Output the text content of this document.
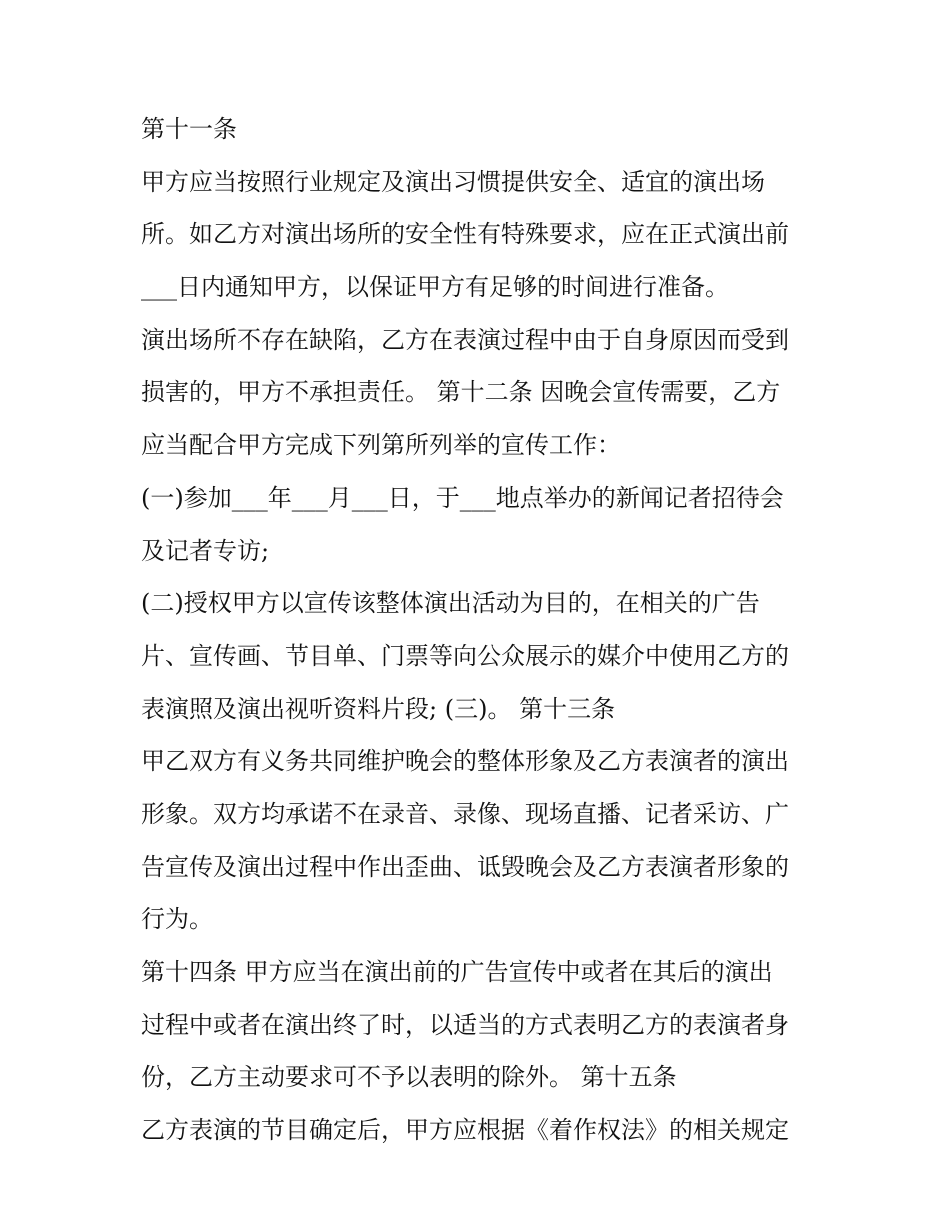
第十一条

甲方应当按照行业规定及演出习惯提供安全、适宜的演出场

所。如乙方对演出场所的安全性有特殊要求，应在正式演出前

___日内通知甲方，以保证甲方有足够的时间进行准备。

演出场所不存在缺陷，乙方在表演过程中由于自身原因而受到

损害的，甲方不承担责任。 第十二条 因晚会宣传需要，乙方

应当配合甲方完成下列第所列举的宣传工作：

(一)参加___年___月___日，于___地点举办的新闻记者招待会

及记者专访;

(二)授权甲方以宣传该整体演出活动为目的，在相关的广告

片、宣传画、节目单、门票等向公众展示的媒介中使用乙方的

表演照及演出视听资料片段; (三)。 第十三条

甲乙双方有义务共同维护晚会的整体形象及乙方表演者的演出

形象。双方均承诺不在录音、录像、现场直播、记者采访、广

告宣传及演出过程中作出歪曲、诋毁晚会及乙方表演者形象的

行为。

第十四条 甲方应当在演出前的广告宣传中或者在其后的演出

过程中或者在演出终了时，以适当的方式表明乙方的表演者身

份，乙方主动要求可不予以表明的除外。 第十五条

乙方表演的节目确定后，甲方应根据《着作权法》的相关规定
